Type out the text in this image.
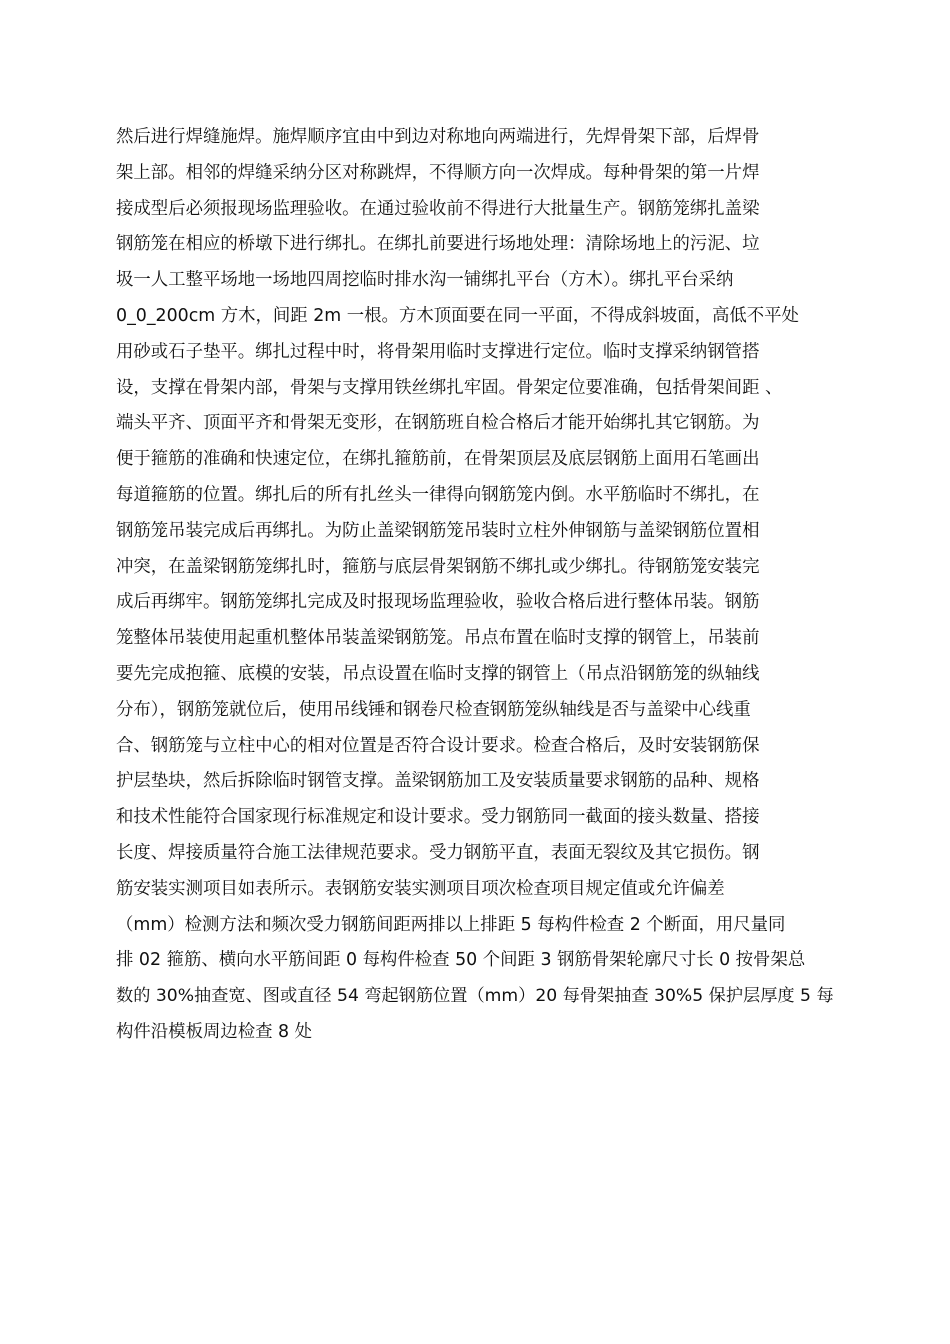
然后进行焊缝施焊。施焊顺序宜由中到边对称地向两端进行，先焊骨架下部，后焊骨
架上部。相邻的焊缝采纳分区对称跳焊，不得顺方向一次焊成。每种骨架的第一片焊
接成型后必须报现场监理验收。在通过验收前不得进行大批量生产。钢筋笼绑扎盖梁
钢筋笼在相应的桥墩下进行绑扎。在绑扎前要进行场地处理：清除场地上的污泥、垃
圾一人工整平场地一场地四周挖临时排水沟一铺绑扎平台（方木）。绑扎平台采纳
0_0_200cm 方木，间距 2m 一根。方木顶面要在同一平面，不得成斜坡面，高低不平处
用砂或石子垫平。绑扎过程中时，将骨架用临时支撑进行定位。临时支撑采纳钢管搭
设，支撑在骨架内部，骨架与支撑用铁丝绑扎牢固。骨架定位要准确，包括骨架间距 、
端头平齐、顶面平齐和骨架无变形，在钢筋班自检合格后才能开始绑扎其它钢筋。为
便于箍筋的准确和快速定位，在绑扎箍筋前，在骨架顶层及底层钢筋上面用石笔画出
每道箍筋的位置。绑扎后的所有扎丝头一律得向钢筋笼内倒。水平筋临时不绑扎，在
钢筋笼吊装完成后再绑扎。为防止盖梁钢筋笼吊装时立柱外伸钢筋与盖梁钢筋位置相
冲突，在盖梁钢筋笼绑扎时，箍筋与底层骨架钢筋不绑扎或少绑扎。待钢筋笼安装完
成后再绑牢。钢筋笼绑扎完成及时报现场监理验收，验收合格后进行整体吊装。钢筋
笼整体吊装使用起重机整体吊装盖梁钢筋笼。吊点布置在临时支撑的钢管上，吊装前
要先完成抱箍、底模的安装，吊点设置在临时支撑的钢管上（吊点沿钢筋笼的纵轴线
分布），钢筋笼就位后，使用吊线锤和钢卷尺检查钢筋笼纵轴线是否与盖梁中心线重
合、钢筋笼与立柱中心的相对位置是否符合设计要求。检查合格后，及时安装钢筋保
护层垫块，然后拆除临时钢管支撑。盖梁钢筋加工及安装质量要求钢筋的品种、规格
和技术性能符合国家现行标准规定和设计要求。受力钢筋同一截面的接头数量、搭接
长度、焊接质量符合施工法律规范要求。受力钢筋平直，表面无裂纹及其它损伤。钢
筋安装实测项目如表所示。表钢筋安装实测项目项次检查项目规定值或允许偏差
（mm）检测方法和频次受力钢筋间距两排以上排距 5 每构件检查 2 个断面，用尺量同
排 02 箍筋、横向水平筋间距 0 每构件检查 50 个间距 3 钢筋骨架轮廓尺寸长 0 按骨架总
数的 30%抽查宽、图或直径 54 弯起钢筋位置（mm）20 每骨架抽查 30%5 保护层厚度 5 每
构件沿模板周边检查 8 处
